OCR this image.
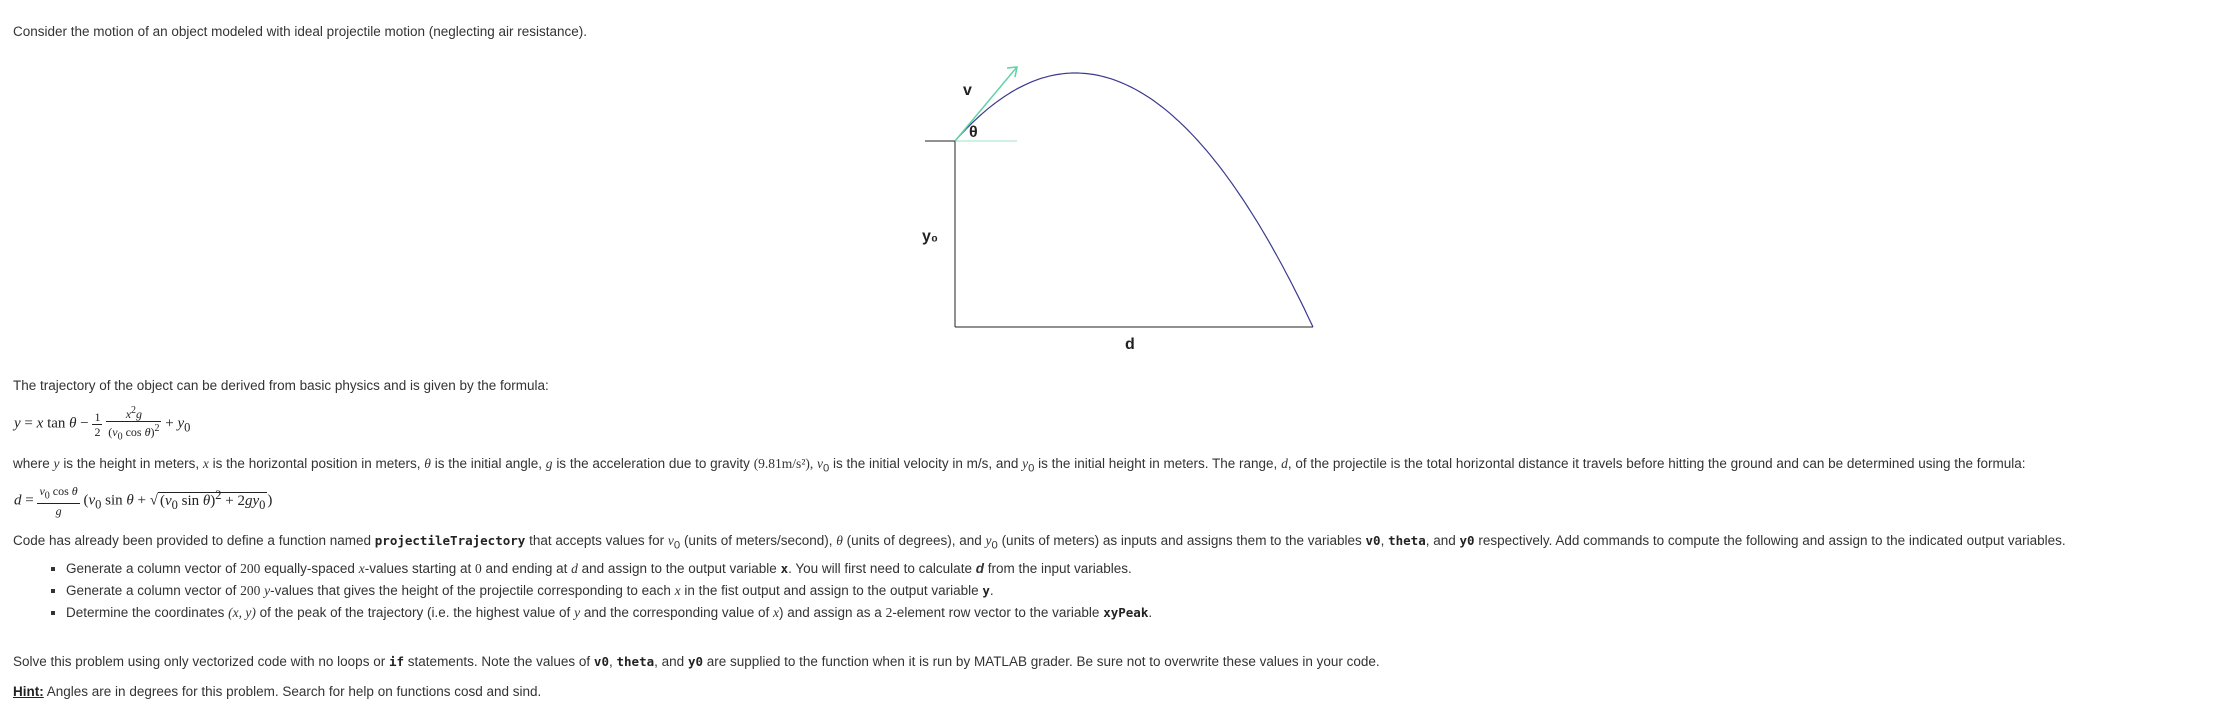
Consider the motion of an object modeled with ideal projectile motion (neglecting air resistance).
v
θ
y₀
d
The trajectory of the object can be derived from basic physics and is given by the formula:
y = x $\tan \theta - \frac{1}{2}$
$\frac{x^2g}{(v_0 \cos \theta)^2} + y_0$
where y is the height in meters, x is the horizontal position in meters, θ is the initial angle, g is the acceleration due to gravity (9.81m/s²), $v_0$ is the initial velocity in m/s, and $y_0$ is the initial height in meters. The range, d, of the projectile is the total horizontal distance it travels before hitting the ground and can be determined using the formula:
$d = \frac{v_0 \cos \theta}{g} (v_0$ sin θ + √ ($v_0$ $\sin \theta)^2 + 2gy_0$ )
Code has already been provided to define a function named projectileTrajectory that accepts values for $v_0$ (units of meters/second), θ (units of degrees), and $y_0$ (units of meters) as inputs and assigns them to the variables v0, theta, and y0 respectively. Add commands to compute the following and assign to the indicated output variables.
▪ Generate a column vector of 200 equally-spaced x-values starting at 0 and ending at d and assign to the output variable x. You will first need to calculate d from the input variables.
▪ Generate a column vector of 200 y-values that gives the height of the projectile corresponding to each x in the fist output and assign to the output variable y.
▪ Determine the coordinates (x, y) of the peak of the trajectory (i.e. the highest value of y and the corresponding value of x) and assign as a 2-element row vector to the variable xyPeak.
Solve this problem using only vectorized code with no loops or if statements. Note the values of v0, theta, and y0 are supplied to the function when it is run by MATLAB grader. Be sure not to overwrite these values in your code.
Hint: Angles are in degrees for this problem. Search for help on functions cosd and sind.
